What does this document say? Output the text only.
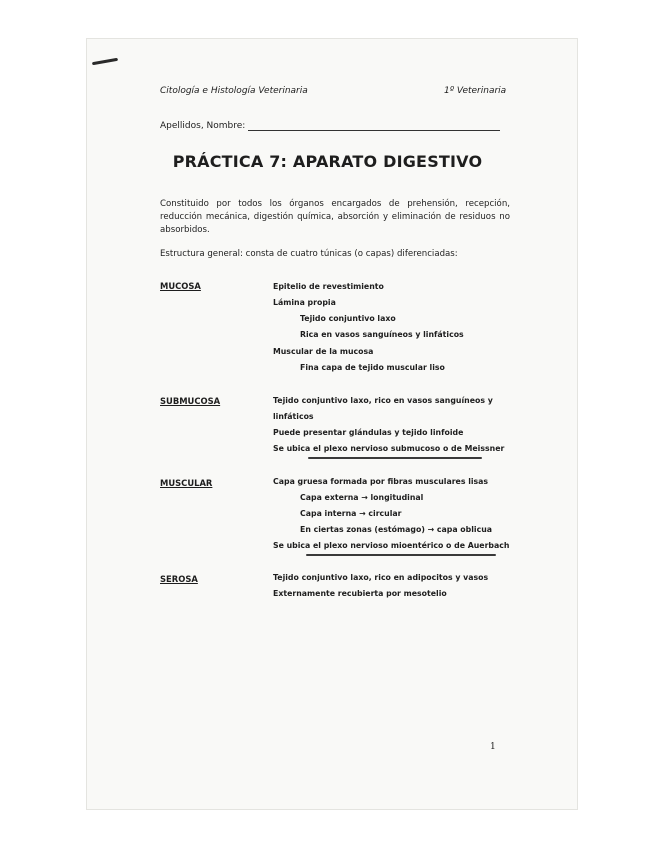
Citología e Histología Veterinaria	1º Veterinaria
Apellidos, Nombre:
PRÁCTICA 7: APARATO DIGESTIVO
Constituido por todos los órganos encargados de prehensión, recepción, reducción mecánica, digestión química, absorción y eliminación de residuos no absorbidos.
Estructura general: consta de cuatro túnicas (o capas) diferenciadas:
MUCOSA	Epitelio de revestimiento
Lámina propia
Tejido conjuntivo laxo
Rica en vasos sanguíneos y linfáticos
Muscular de la mucosa
Fina capa de tejido muscular liso
SUBMUCOSA	Tejido conjuntivo laxo, rico en vasos sanguíneos y
linfáticos
Puede presentar glándulas y tejido linfoide
Se ubica el plexo nervioso submucoso o de Meissner
MUSCULAR	Capa gruesa formada por fibras musculares lisas
Capa externa → longitudinal
Capa interna → circular
En ciertas zonas (estómago) → capa oblicua
Se ubica el plexo nervioso mioentérico o de Auerbach
SEROSA	Tejido conjuntivo laxo, rico en adipocitos y vasos
Externamente recubierta por mesotelio
1
